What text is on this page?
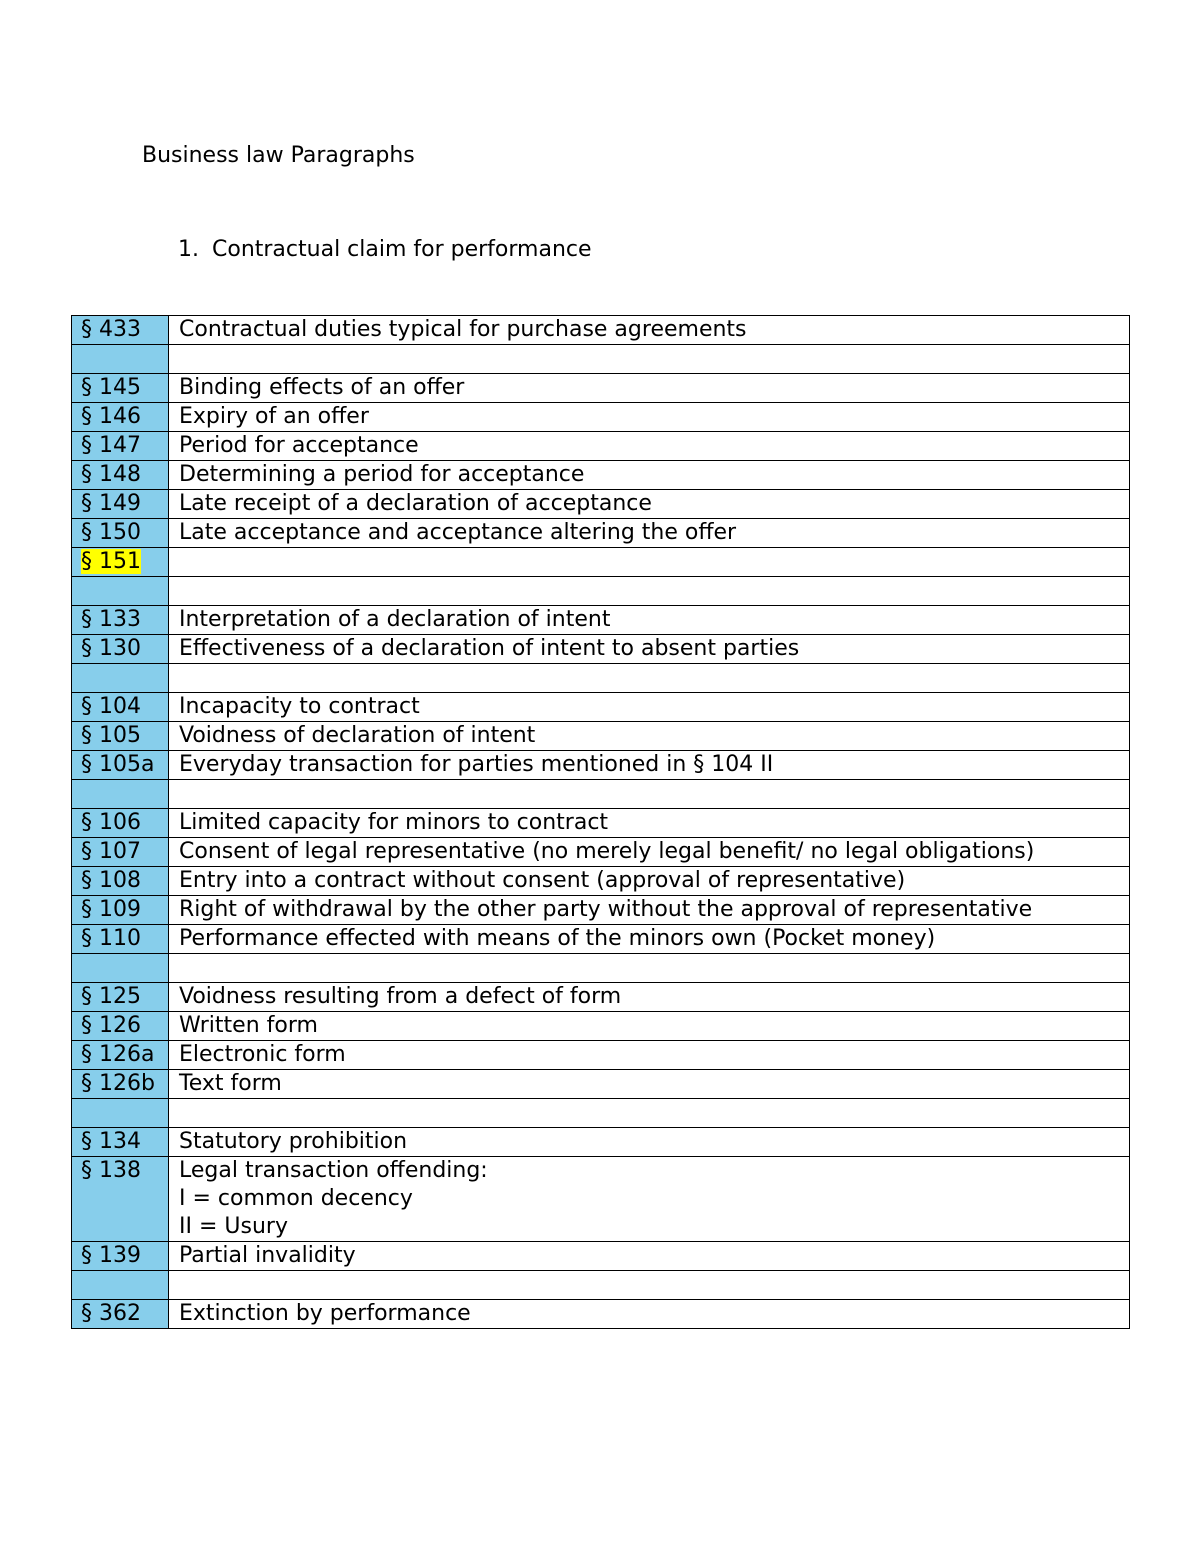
Business law Paragraphs
1. Contractual claim for performance
§ 433	Contractual duties typical for purchase agreements

§ 145	Binding effects of an offer

§ 146	Expiry of an offer

§ 147	Period for acceptance

§ 148	Determining a period for acceptance

§ 149	Late receipt of a declaration of acceptance

§ 150	Late acceptance and acceptance altering the offer

§ 151	

§ 133	Interpretation of a declaration of intent

§ 130	Effectiveness of a declaration of intent to absent parties

§ 104	Incapacity to contract

§ 105	Voidness of declaration of intent

§ 105a	Everyday transaction for parties mentioned in § 104 II

§ 106	Limited capacity for minors to contract

§ 107	Consent of legal representative (no merely legal benefit/ no legal obligations)

§ 108	Entry into a contract without consent (approval of representative)

§ 109	Right of withdrawal by the other party without the approval of representative

§ 110	Performance effected with means of the minors own (Pocket money)

§ 125	Voidness resulting from a defect of form

§ 126	Written form

§ 126a	Electronic form

§ 126b	Text form

§ 134	Statutory prohibition

§ 138	Legal transaction offending:
I = common decency
II = Usury

§ 139	Partial invalidity

§ 362	Extinction by performance
